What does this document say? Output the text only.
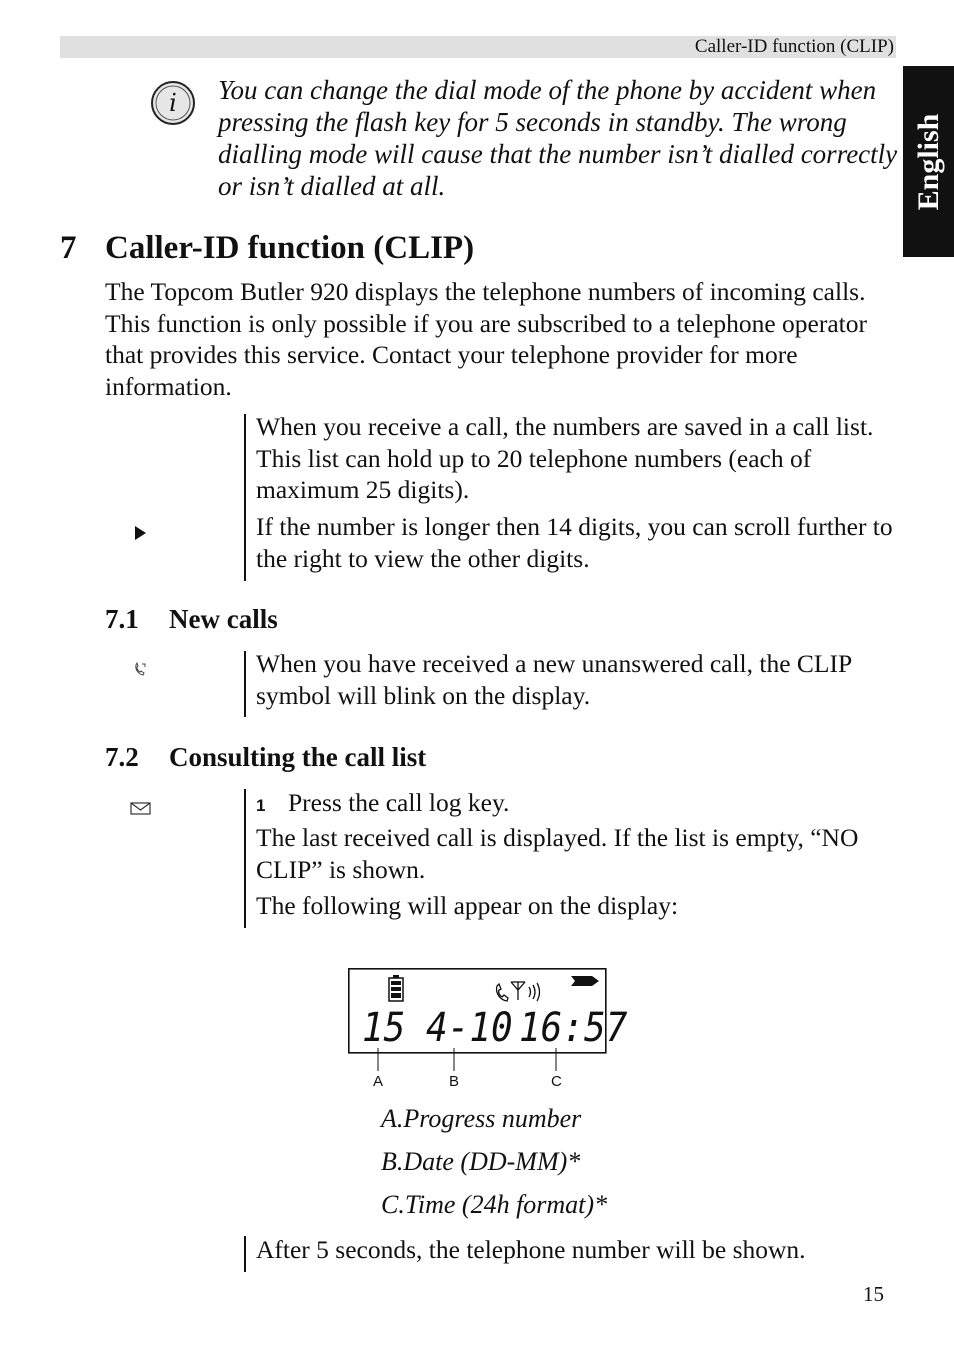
Caller-ID function (CLIP)
English
i You can change the dial mode of the phone by accident when pressing the flash key for 5 seconds in standby. The wrong dialling mode will cause that the number isn’t dialled correctly or isn’t dialled at all.
7 Caller-ID function (CLIP)
The Topcom Butler 920 displays the telephone numbers of incoming calls. This function is only possible if you are subscribed to a telephone operator that provides this service. Contact your telephone provider for more information.
When you receive a call, the numbers are saved in a call list. This list can hold up to 20 telephone numbers (each of maximum 25 digits).
If the number is longer then 14 digits, you can scroll further to the right to view the other digits.
7.1 New calls
When you have received a new unanswered call, the CLIP symbol will blink on the display.
7.2 Consulting the call list
1 Press the call log key.
The last received call is displayed. If the list is empty, “NO CLIP” is shown.
The following will appear on the display:
15 4-10 16:57
A	B	C
A.Progress number
B.Date (DD-MM)*
C.Time (24h format)*
After 5 seconds, the telephone number will be shown.
15
